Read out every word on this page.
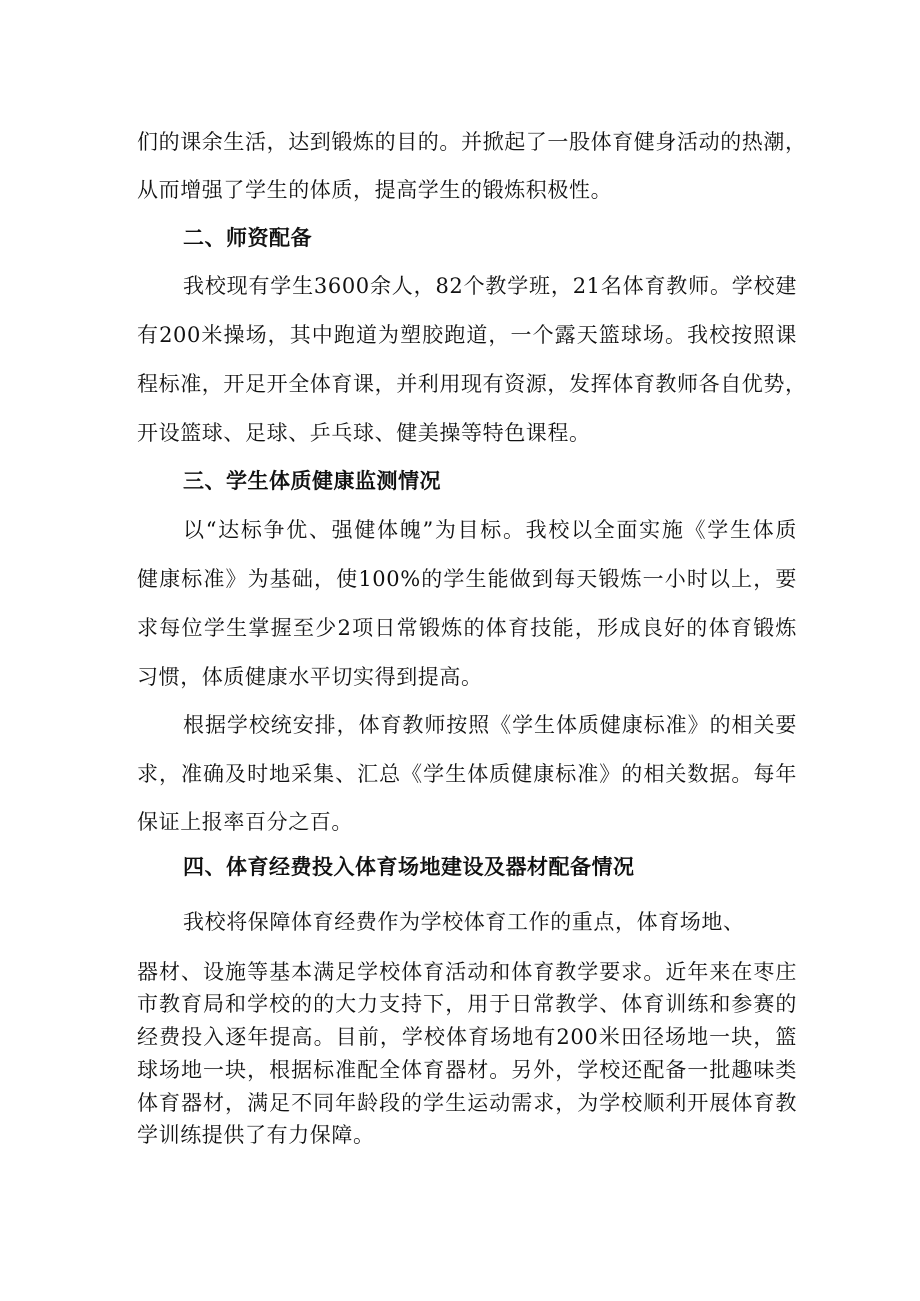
们的课余生活，达到锻炼的目的。并掀起了一股体育健身活动的热潮，
从而增强了学生的体质，提高学生的锻炼积极性。
二、师资配备
我校现有学生3600余人，82个教学班，21名体育教师。学校建
有200米操场，其中跑道为塑胶跑道，一个露天篮球场。我校按照课
程标准，开足开全体育课，并利用现有资源，发挥体育教师各自优势，
开设篮球、足球、乒乓球、健美操等特色课程。
三、学生体质健康监测情况
以“达标争优、强健体魄”为目标。我校以全面实施《学生体质
健康标准》为基础，使100%的学生能做到每天锻炼一小时以上，要
求每位学生掌握至少2项日常锻炼的体育技能，形成良好的体育锻炼
习惯，体质健康水平切实得到提高。
根据学校统安排，体育教师按照《学生体质健康标准》的相关要
求，准确及时地采集、汇总《学生体质健康标准》的相关数据。每年
保证上报率百分之百。
四、体育经费投入体育场地建设及器材配备情况
我校将保障体育经费作为学校体育工作的重点，体育场地、
器材、设施等基本满足学校体育活动和体育教学要求。近年来在枣庄
市教育局和学校的的大力支持下，用于日常教学、体育训练和参赛的
经费投入逐年提高。目前，学校体育场地有200米田径场地一块，篮
球场地一块，根据标准配全体育器材。另外，学校还配备一批趣味类
体育器材，满足不同年龄段的学生运动需求，为学校顺利开展体育教
学训练提供了有力保障。
